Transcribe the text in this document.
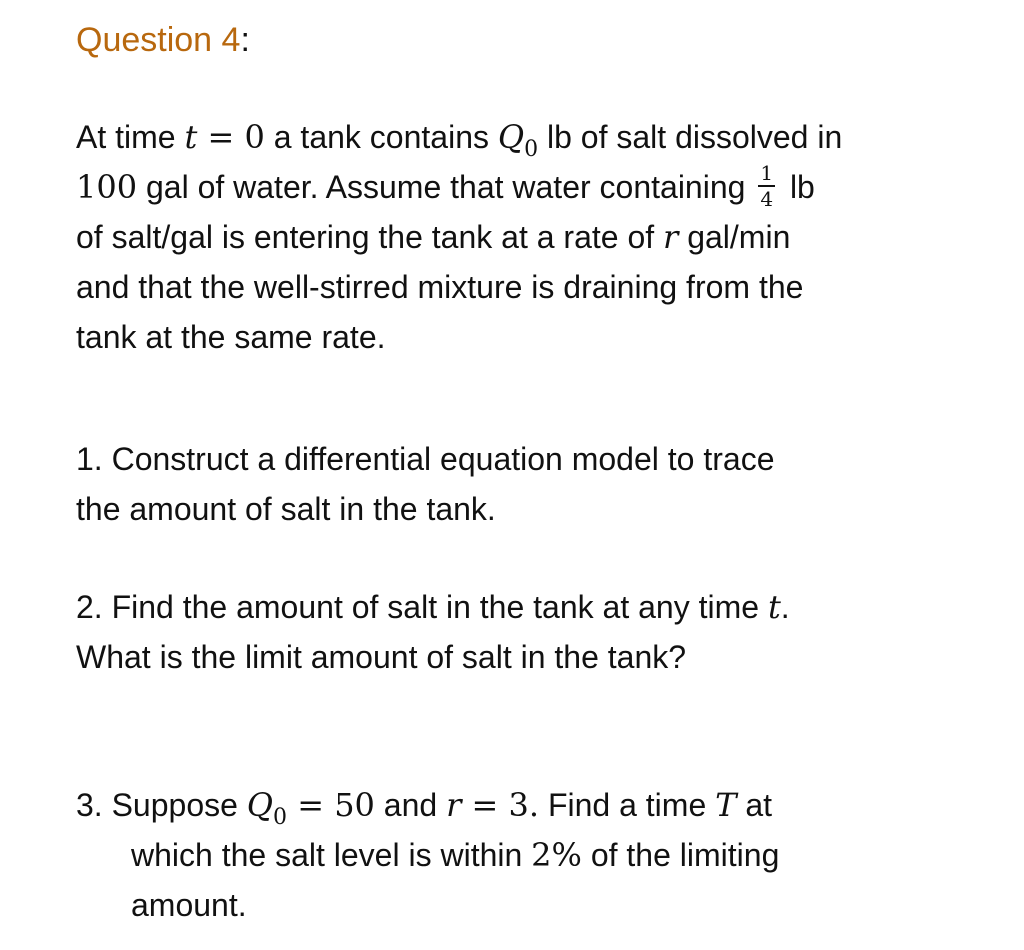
Question 4:
At time t = 0 a tank contains $Q_0$ lb of salt dissolved in
100 gal of water. Assume that water containing $\frac{1}{4}$ lb
of salt/gal is entering the tank at a rate of r gal/min
and that the well-stirred mixture is draining from the
tank at the same rate.
1. Construct a differential equation model to trace
the amount of salt in the tank.
2. Find the amount of salt in the tank at any time t.
What is the limit amount of salt in the tank?
3. Suppose $Q_0 = 50$ and r = 3. Find a time T at
which the salt level is within 2% of the limiting
amount.
